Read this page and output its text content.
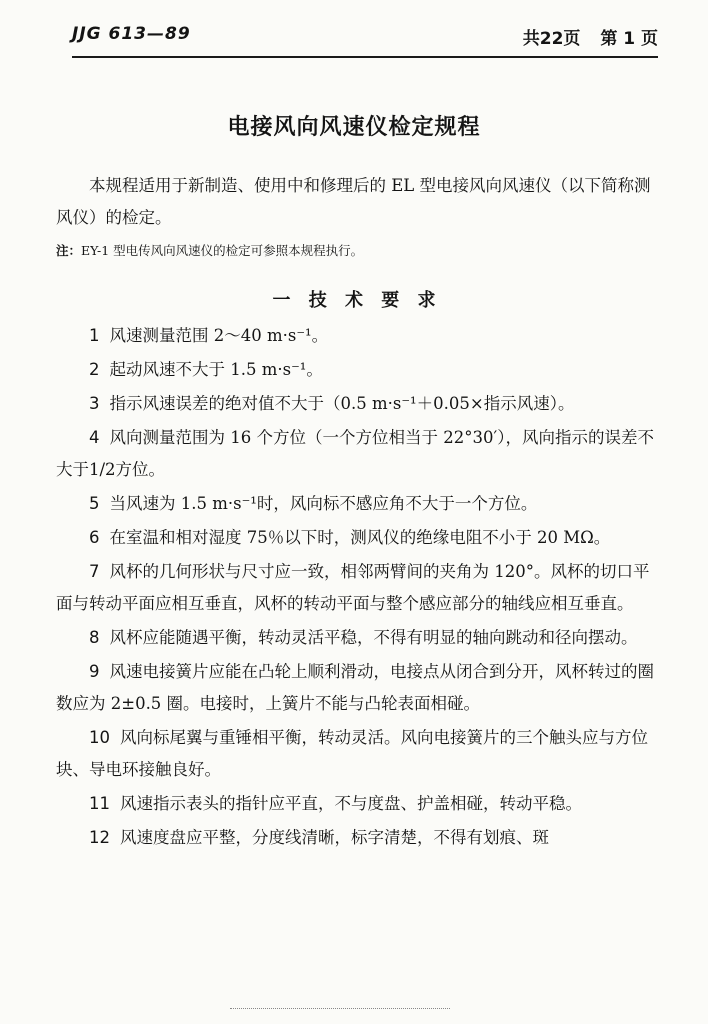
JJG 613—89	共22页 第 1 页
电接风向风速仪检定规程

本规程适用于新制造、使用中和修理后的 EL 型电接风向风速仪（以下简称测风仪）的检定。

注：EY-1 型电传风向风速仪的检定可参照本规程执行。

一 技 术 要 求

1 风速测量范围 2～40 m·s⁻¹。

2 起动风速不大于 1.5 m·s⁻¹。

3 指示风速误差的绝对值不大于（0.5 m·s⁻¹＋0.05×指示风速）。

4 风向测量范围为 16 个方位（一个方位相当于 22°30′），风向指示的误差不大于1/2方位。

5 当风速为 1.5 m·s⁻¹时，风向标不感应角不大于一个方位。

6 在室温和相对湿度 75％以下时，测风仪的绝缘电阻不小于 20 MΩ。

7 风杯的几何形状与尺寸应一致，相邻两臂间的夹角为 120°。风杯的切口平面与转动平面应相互垂直，风杯的转动平面与整个感应部分的轴线应相互垂直。

8 风杯应能随遇平衡，转动灵活平稳，不得有明显的轴向跳动和径向摆动。

9 风速电接簧片应能在凸轮上顺利滑动，电接点从闭合到分开，风杯转过的圈数应为 2±0.5 圈。电接时，上簧片不能与凸轮表面相碰。

10 风向标尾翼与重锤相平衡，转动灵活。风向电接簧片的三个触头应与方位块、导电环接触良好。

11 风速指示表头的指针应平直，不与度盘、护盖相碰，转动平稳。

12 风速度盘应平整，分度线清晰，标字清楚，不得有划痕、斑
